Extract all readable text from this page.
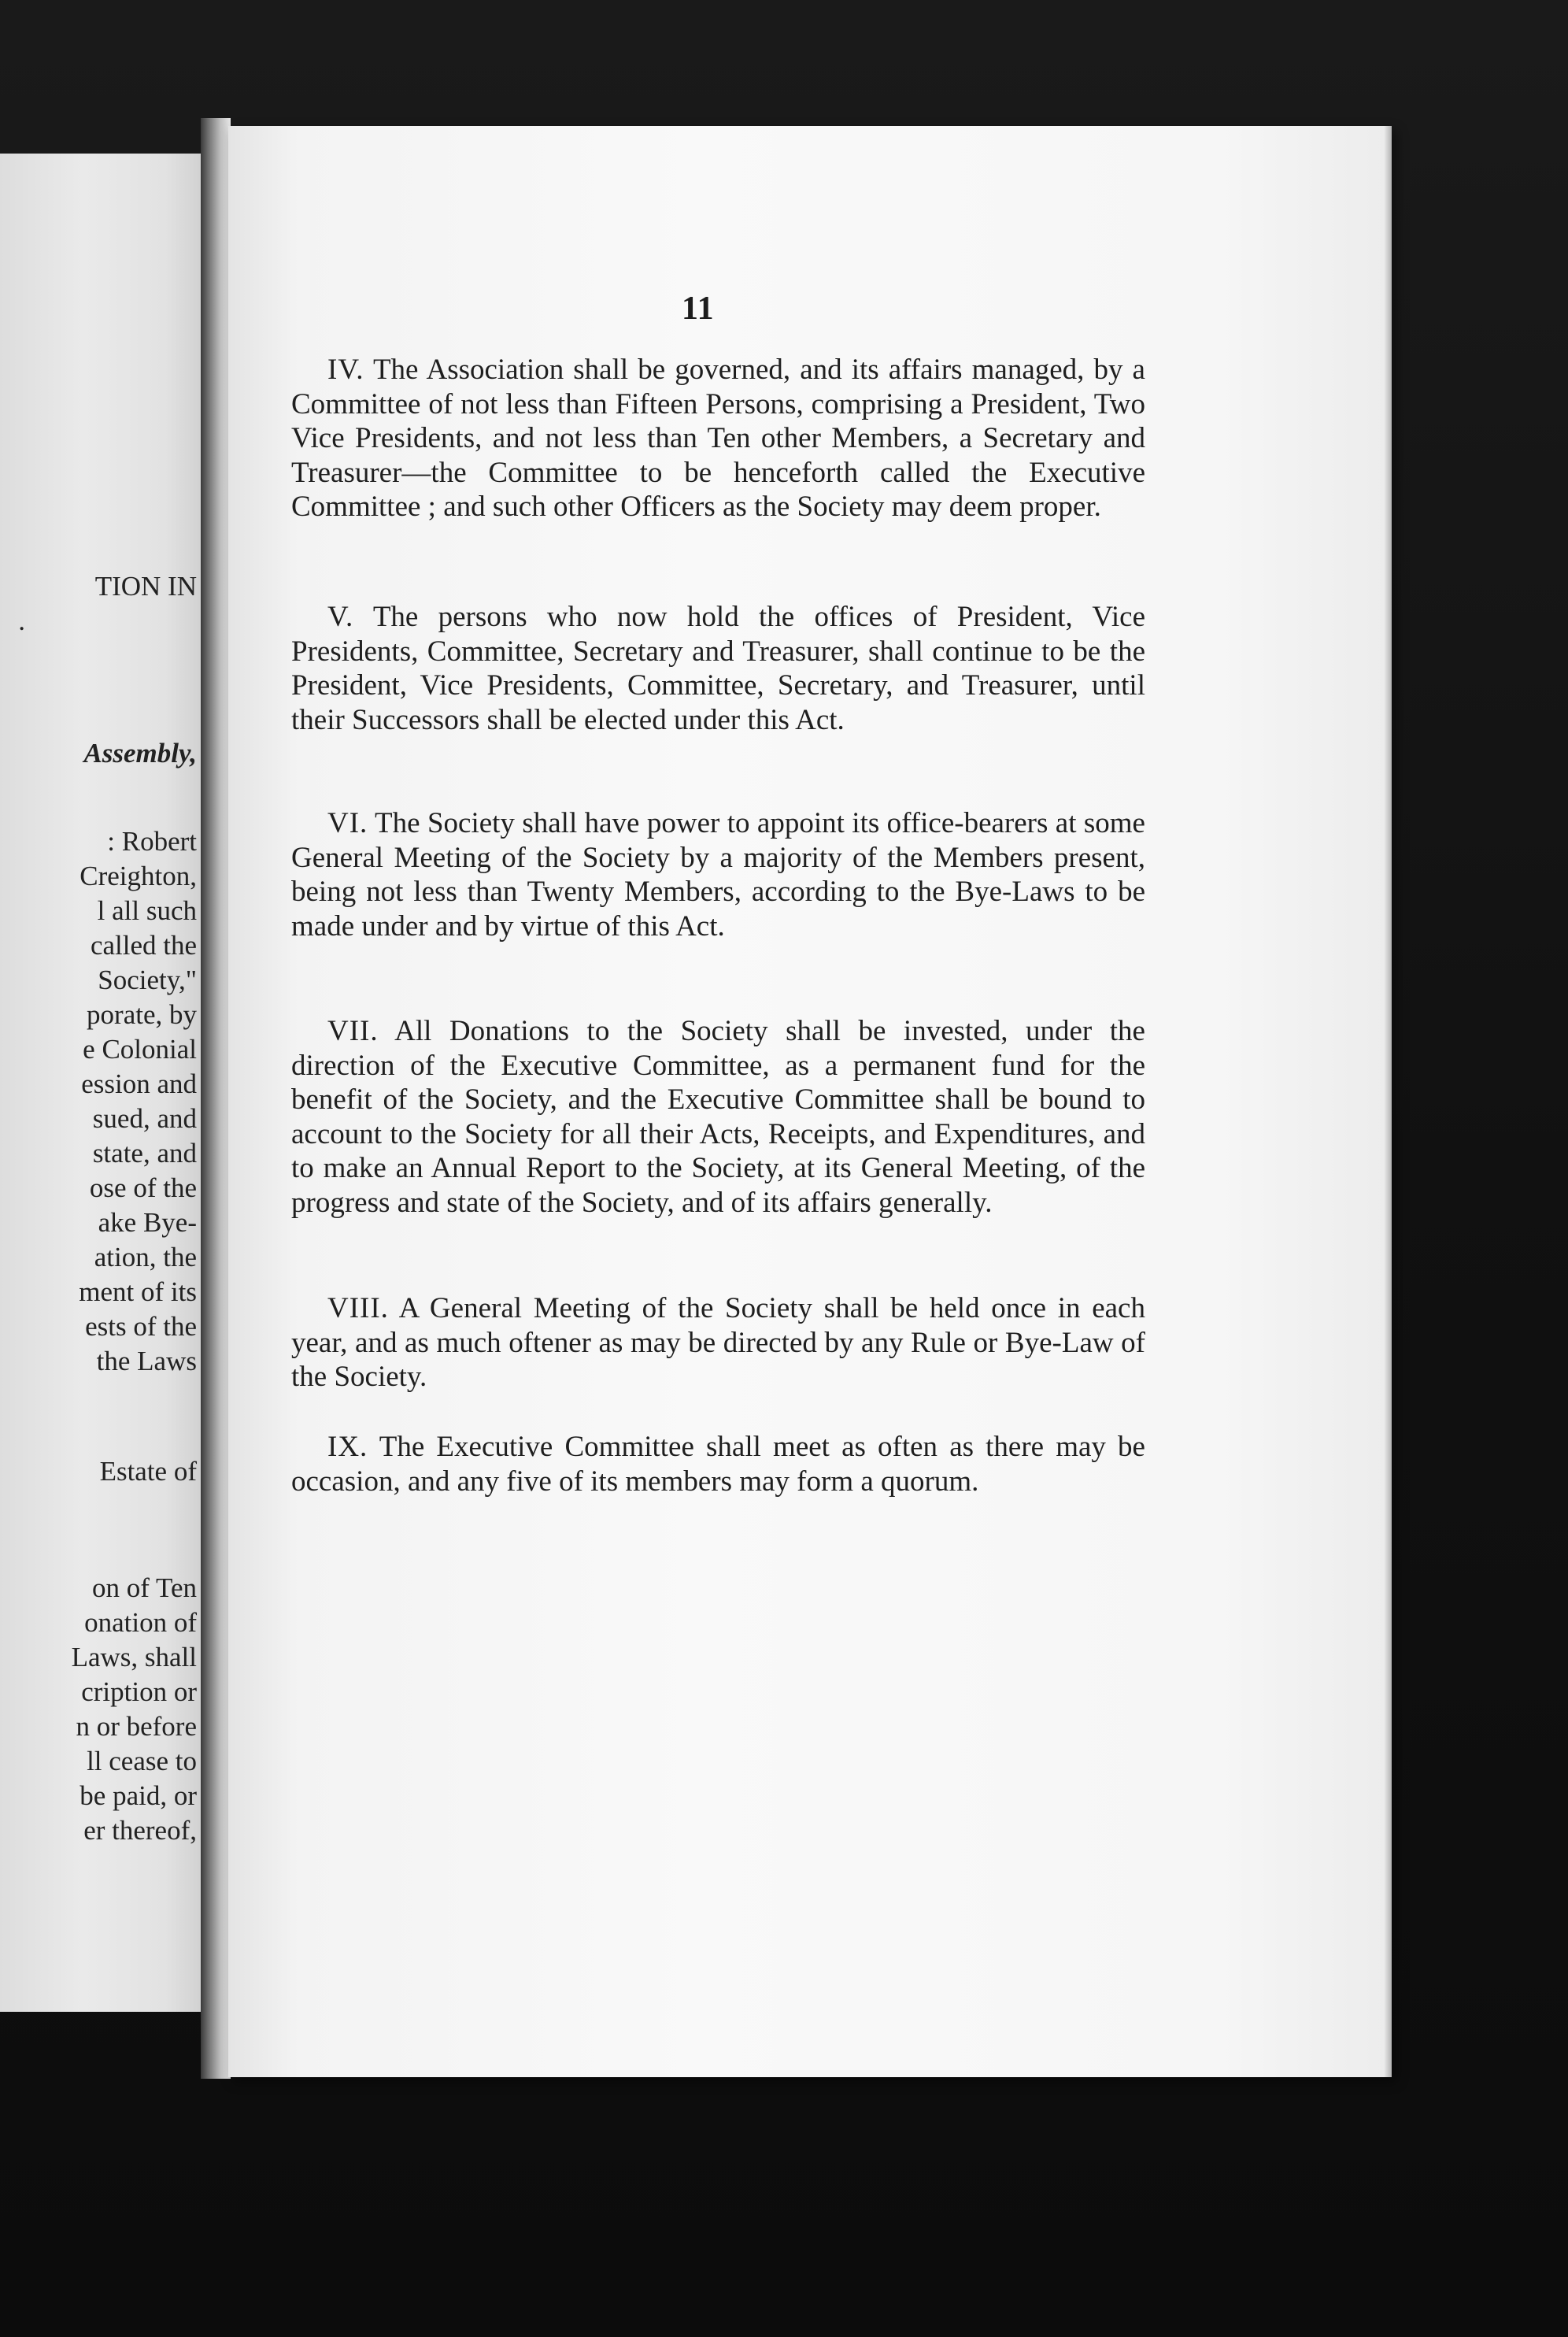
TION IN
.
Assembly,
: Robert
Creighton,
l all such
called the
Society,"
porate, by
e Colonial
ession and
sued, and
state, and
ose of the
ake Bye-
ation, the
ment of its
ests of the
the Laws
Estate of
on of Ten
onation of
Laws, shall
cription or
n or before
ll cease to
be paid, or
er thereof,
11
IV. The Association shall be governed, and its affairs managed, by a Committee of not less than Fifteen Persons, comprising a President, Two Vice Presidents, and not less than Ten other Members, a Secretary and Treasurer—the Committee to be henceforth called the Executive Committee ; and such other Officers as the Society may deem proper.
V. The persons who now hold the offices of President, Vice Presidents, Committee, Secretary and Treasurer, shall continue to be the President, Vice Presidents, Committee, Secretary, and Treasurer, until their Successors shall be elected under this Act.
VI. The Society shall have power to appoint its office-bearers at some General Meeting of the Society by a majority of the Members present, being not less than Twenty Members, according to the Bye-Laws to be made under and by virtue of this Act.
VII. All Donations to the Society shall be invested, under the direction of the Executive Committee, as a permanent fund for the benefit of the Society, and the Executive Committee shall be bound to account to the Society for all their Acts, Receipts, and Expenditures, and to make an Annual Report to the Society, at its General Meeting, of the progress and state of the Society, and of its affairs generally.
VIII. A General Meeting of the Society shall be held once in each year, and as much oftener as may be directed by any Rule or Bye-Law of the Society.
IX. The Executive Committee shall meet as often as there may be occasion, and any five of its members may form a quorum.
